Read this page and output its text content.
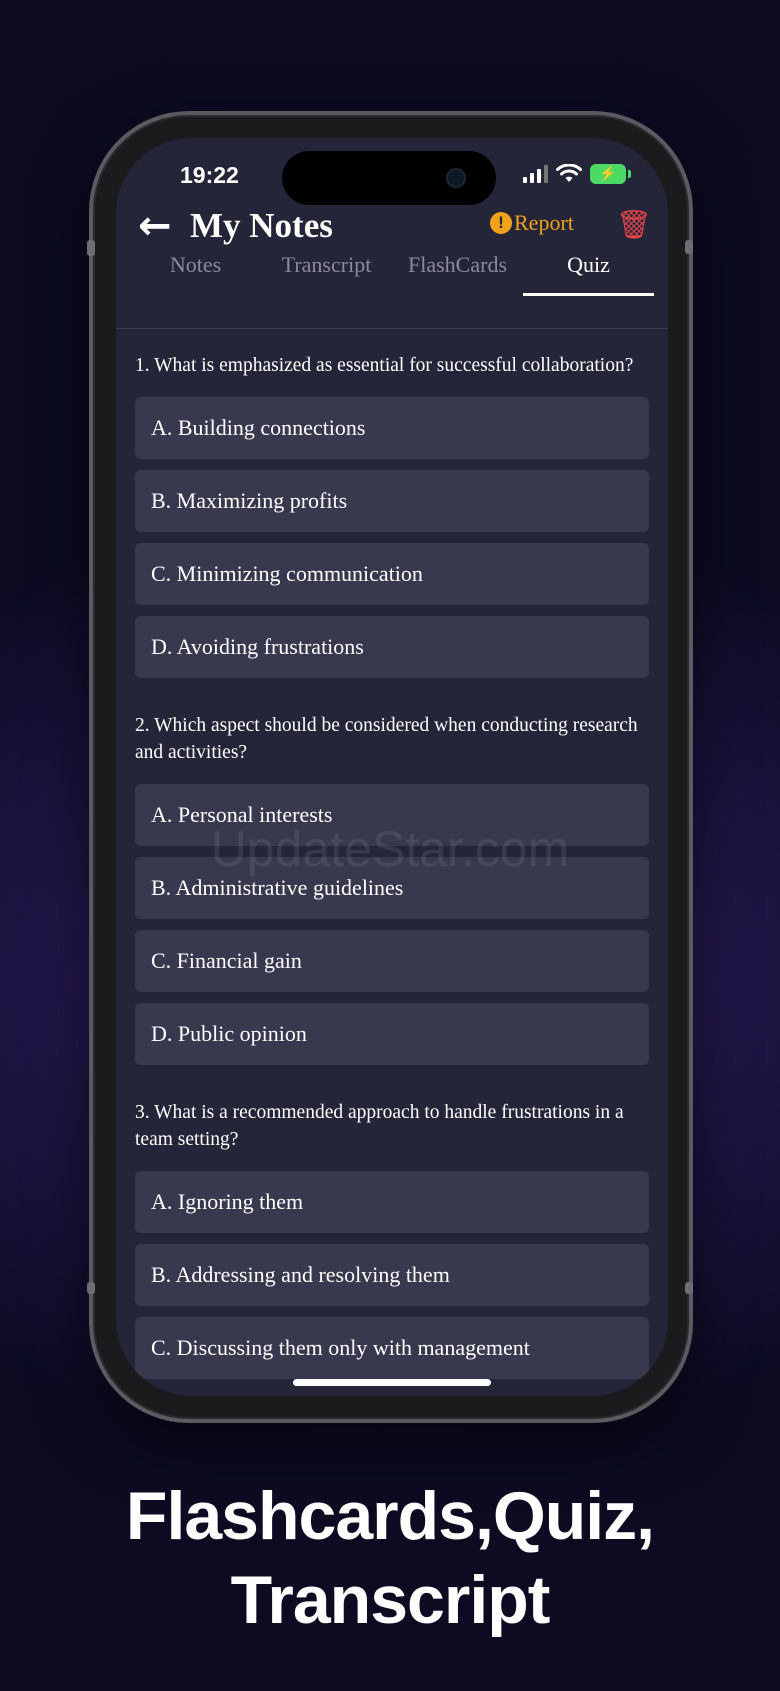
19:22	⚡
← My Notes	! Report 🗑
Notes	Transcript	FlashCards	Quiz
1. What is emphasized as essential for successful collaboration?
A. Building connections
B. Maximizing profits
C. Minimizing communication
D. Avoiding frustrations
2. Which aspect should be considered when conducting research and activities?
A. Personal interests
B. Administrative guidelines
C. Financial gain
D. Public opinion
3. What is a recommended approach to handle frustrations in a team setting?
A. Ignoring them
B. Addressing and resolving them
C. Discussing them only with management
UpdateStar.com
Flashcards,Quiz,
Transcript
